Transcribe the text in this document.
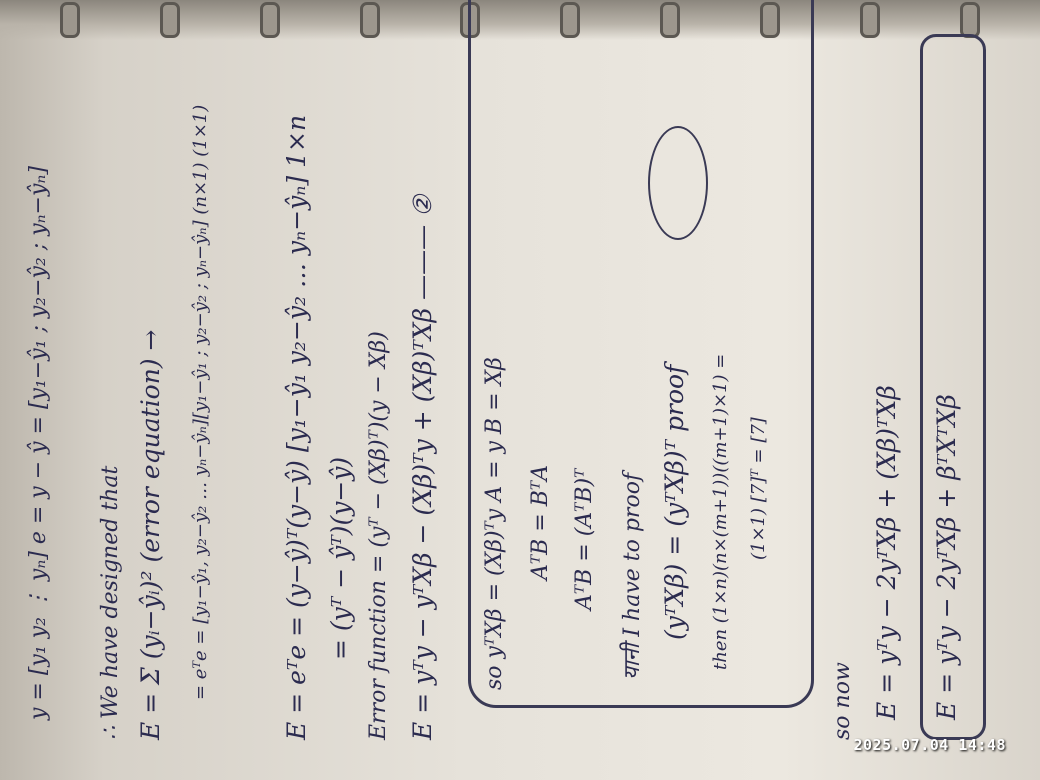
y = [y₁ y₂ ⋮ yₙ] e = y − ŷ = [y₁−ŷ₁ ; y₂−ŷ₂ ; yₙ−ŷₙ] ∴ We have designed that E = Σ (yᵢ−ŷᵢ)² (error equation) → = eᵀe = [y₁−ŷ₁, y₂−ŷ₂ … yₙ−ŷₙ][y₁−ŷ₁ ; y₂−ŷ₂ ; yₙ−ŷₙ] (n×1) (1×1)	E = eᵀe = (y−ŷ)ᵀ(y−ŷ) [y₁−ŷ₁ y₂−ŷ₂ … yₙ−ŷₙ] 1×n = (yᵀ − ŷᵀ)(y−ŷ) Error function = (yᵀ − (Xβ)ᵀ)(y − Xβ) E = yᵀy − yᵀXβ − (Xβ)ᵀy + (Xβ)ᵀXβ ——— ② so yᵀXβ = (Xβ)ᵀy A = y B = Xβ AᵀB = BᵀA AᵀB = (AᵀB)ᵀ यानी I have to proof (yᵀXβ) = (yᵀXβ)ᵀ proof then (1×n)(n×(m+1))((m+1)×1) = (1×1) [7]ᵀ = [7]
so now E = yᵀy − 2yᵀXβ + (Xβ)ᵀXβ E = yᵀy − 2yᵀXβ + βᵀXᵀXβ
2025.07.04 14:48
